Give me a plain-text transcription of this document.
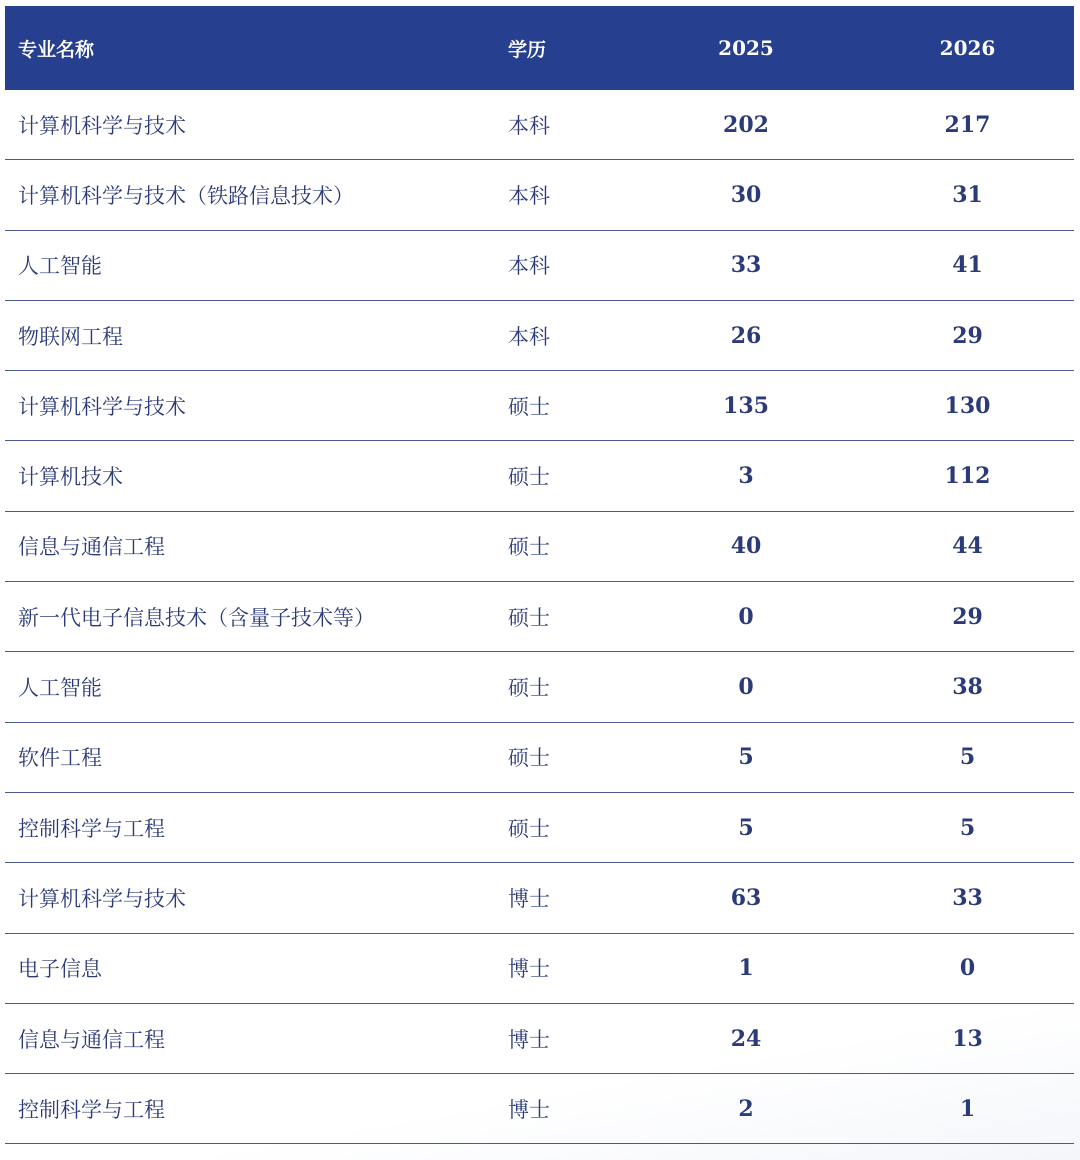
专业名称	学历	2025	2026
计算机科学与技术	本科	202	217
计算机科学与技术（铁路信息技术）	本科	30	31
人工智能	本科	33	41
物联网工程	本科	26	29
计算机科学与技术	硕士	135	130
计算机技术	硕士	3	112
信息与通信工程	硕士	40	44
新一代电子信息技术（含量子技术等）	硕士	0	29
人工智能	硕士	0	38
软件工程	硕士	5	5
控制科学与工程	硕士	5	5
计算机科学与技术	博士	63	33
电子信息	博士	1	0
信息与通信工程	博士	24	13
控制科学与工程	博士	2	1
